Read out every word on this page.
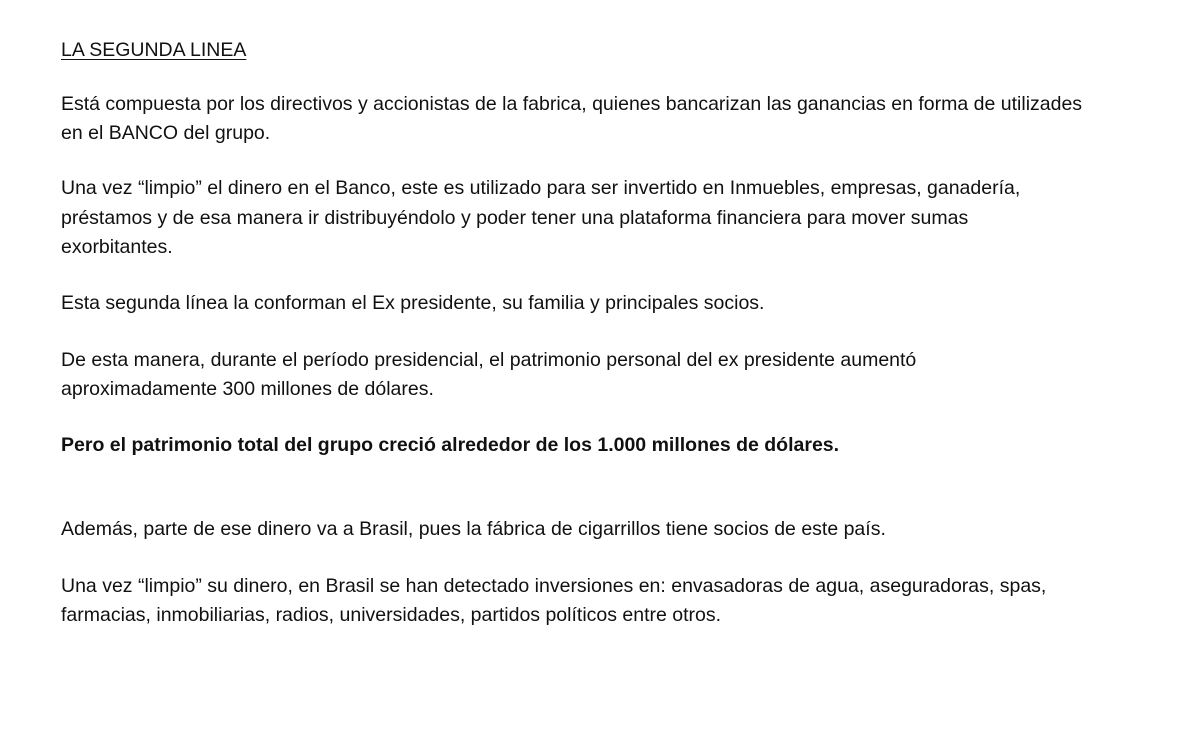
LA SEGUNDA LINEA
Está compuesta por los directivos y accionistas de la fabrica, quienes bancarizan las ganancias en forma de utilizades
en el BANCO del grupo.
Una vez “limpio” el dinero en el Banco, este es utilizado para ser invertido en Inmuebles, empresas, ganadería,
préstamos y de esa manera ir distribuyéndolo y poder tener una plataforma financiera para mover sumas
exorbitantes.
Esta segunda línea la conforman el Ex presidente, su familia y principales socios.
De esta manera, durante el período presidencial, el patrimonio personal del ex presidente aumentó
aproximadamente 300 millones de dólares.
Pero el patrimonio total del grupo creció alrededor de los 1.000 millones de dólares.
Además, parte de ese dinero va a Brasil, pues la fábrica de cigarrillos tiene socios de este país.
Una vez “limpio” su dinero, en Brasil se han detectado inversiones en: envasadoras de agua, aseguradoras, spas,
farmacias, inmobiliarias, radios, universidades, partidos políticos entre otros.
